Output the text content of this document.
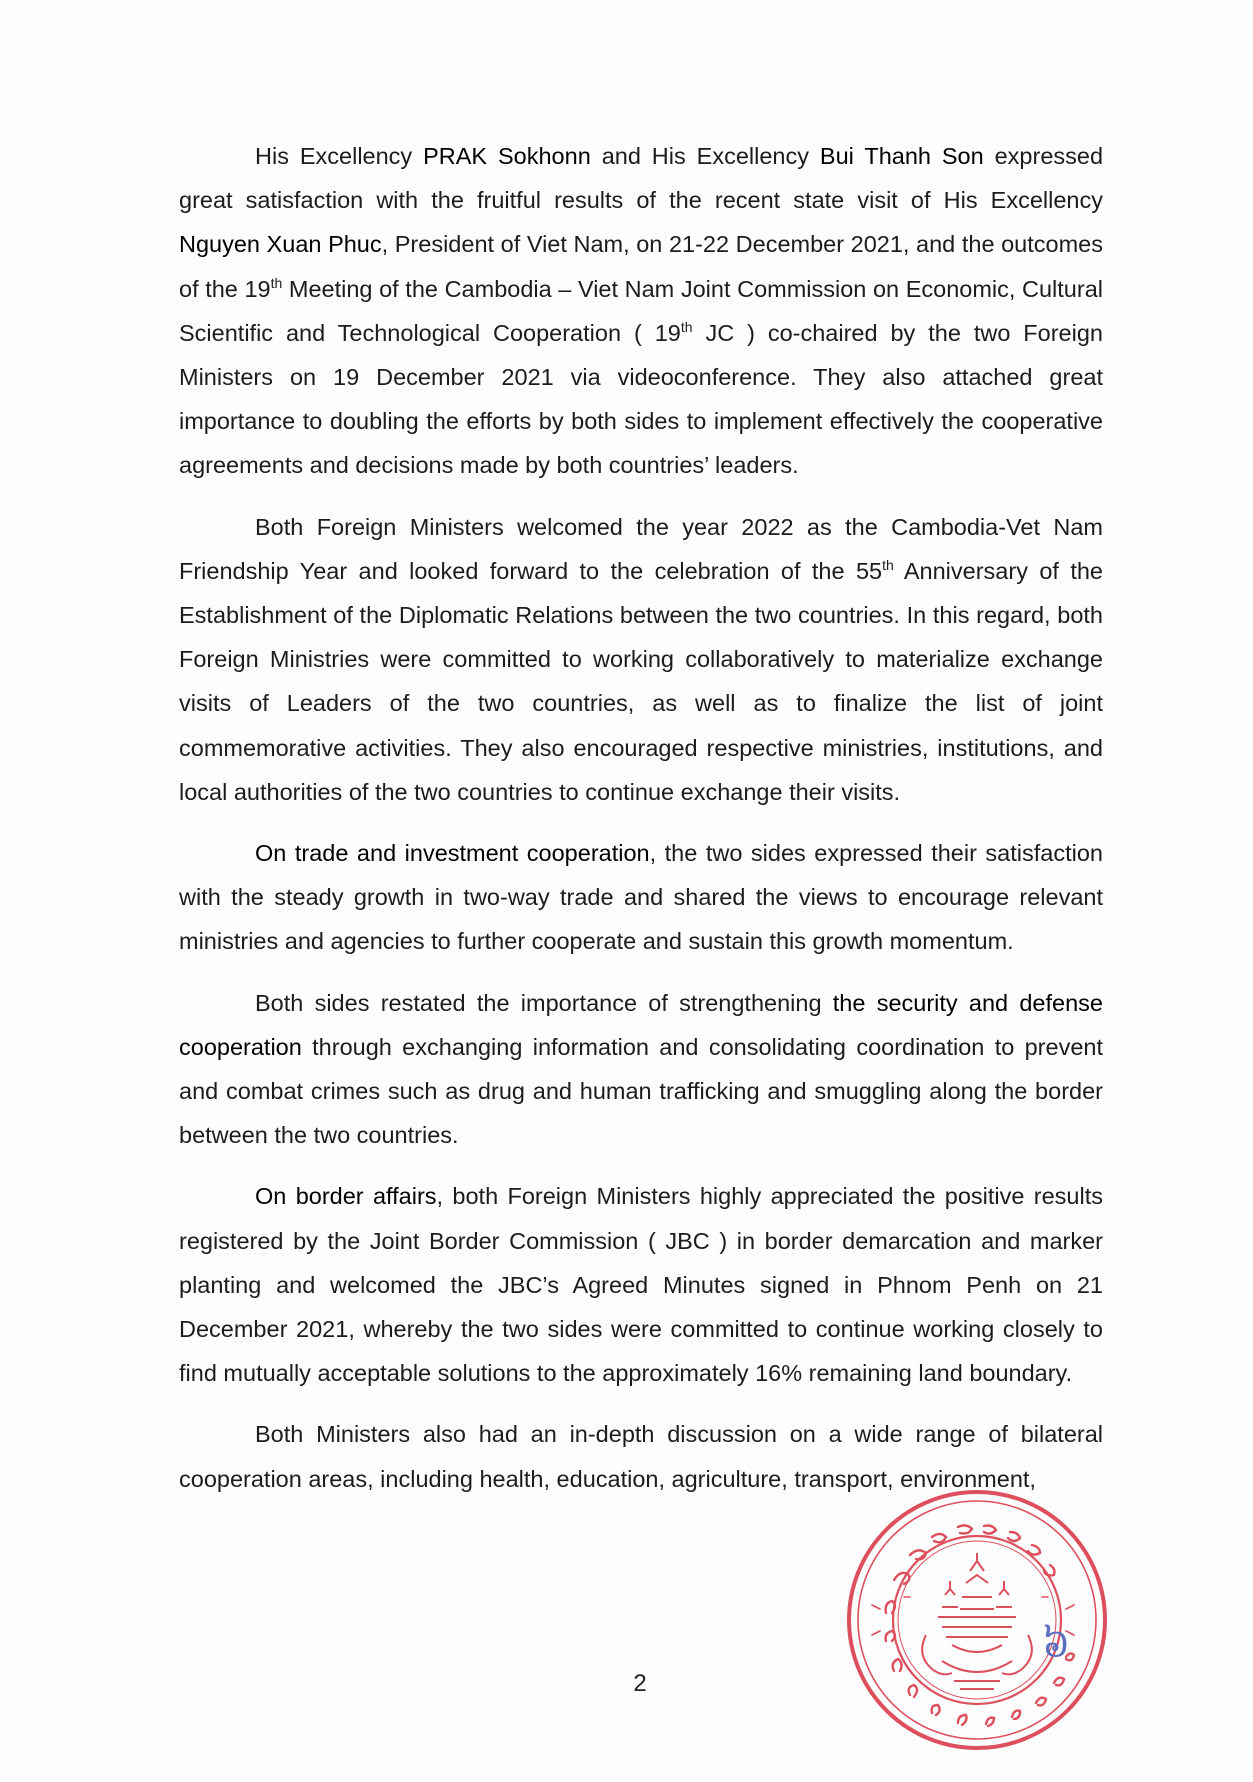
His Excellency PRAK Sokhonn and His Excellency Bui Thanh Son expressed great satisfaction with the fruitful results of the recent state visit of His Excellency Nguyen Xuan Phuc, President of Viet Nam, on 21-22 December 2021, and the outcomes of the 19th Meeting of the Cambodia – Viet Nam Joint Commission on Economic, Cultural Scientific and Technological Cooperation ( 19th JC ) co-chaired by the two Foreign Ministers on 19 December 2021 via videoconference. They also attached great importance to doubling the efforts by both sides to implement effectively the cooperative agreements and decisions made by both countries’ leaders.

Both Foreign Ministers welcomed the year 2022 as the Cambodia-Vet Nam Friendship Year and looked forward to the celebration of the 55th Anniversary of the Establishment of the Diplomatic Relations between the two countries. In this regard, both Foreign Ministries were committed to working collaboratively to materialize exchange visits of Leaders of the two countries, as well as to finalize the list of joint commemorative activities. They also encouraged respective ministries, institutions, and local authorities of the two countries to continue exchange their visits.

On trade and investment cooperation, the two sides expressed their satisfaction with the steady growth in two-way trade and shared the views to encourage relevant ministries and agencies to further cooperate and sustain this growth momentum.

Both sides restated the importance of strengthening the security and defense cooperation through exchanging information and consolidating coordination to prevent and combat crimes such as drug and human trafficking and smuggling along the border between the two countries.

On border affairs, both Foreign Ministers highly appreciated the positive results registered by the Joint Border Commission ( JBC ) in border demarcation and marker planting and welcomed the JBC’s Agreed Minutes signed in Phnom Penh on 21 December 2021, whereby the two sides were committed to continue working closely to find mutually acceptable solutions to the approximately 16% remaining land boundary.

Both Ministers also had an in-depth discussion on a wide range of bilateral cooperation areas, including health, education, agriculture, transport, environment,

2
៦
